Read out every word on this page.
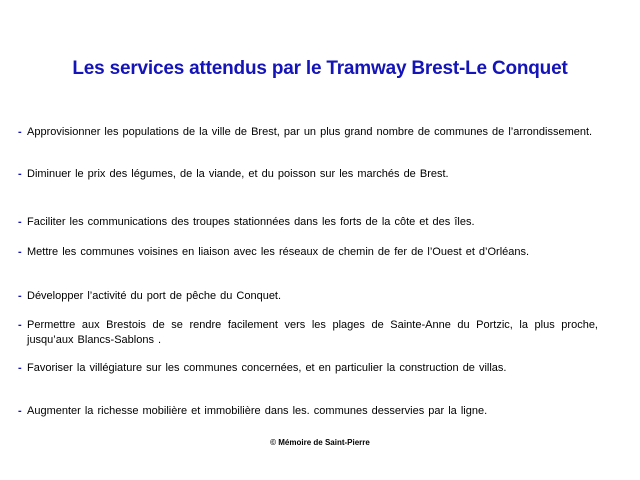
Les services attendus par le Tramway Brest-Le Conquet
- Approvisionner les populations de la ville de Brest, par un plus grand nombre de communes de l’arrondissement.
- Diminuer le prix des légumes, de la viande, et du poisson sur les marchés de Brest.
- Faciliter les communications des troupes stationnées dans les forts de la côte et des îles.
- Mettre les communes voisines en liaison avec les réseaux de chemin de fer de l’Ouest et d’Orléans.
- Développer l’activité du port de pêche du Conquet.
- Permettre aux Brestois de se rendre facilement vers les plages de Sainte-Anne du Portzic, la plus proche, jusqu’aux Blancs-Sablons .
- Favoriser la villégiature sur les communes concernées, et en particulier la construction de villas.
- Augmenter la richesse mobilière et immobilière dans les. communes desservies par la ligne.
© Mémoire de Saint-Pierre
